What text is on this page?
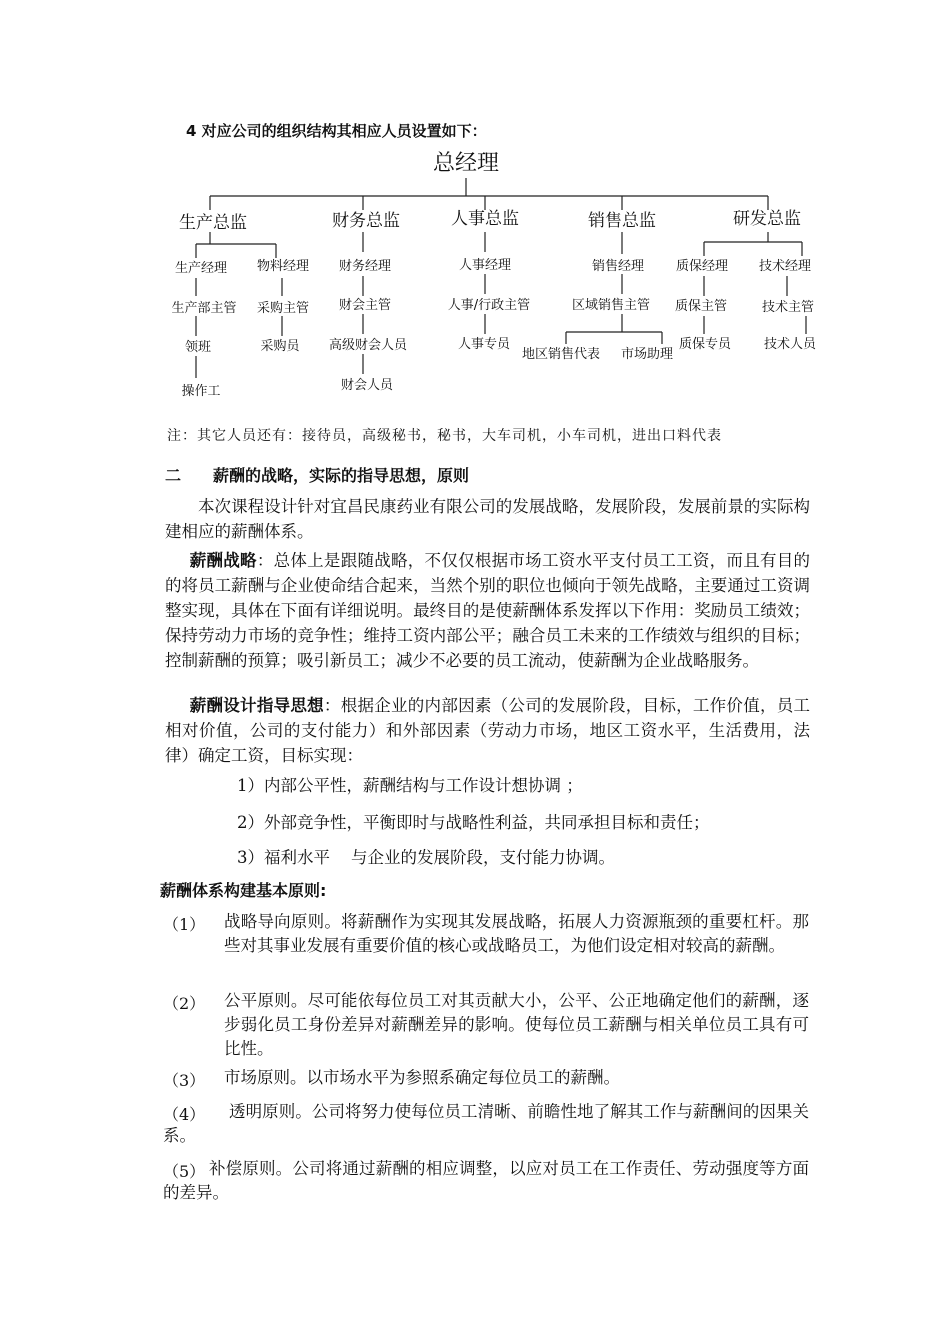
4 对应公司的组织结构其相应人员设置如下：
总经理
生产总监	财务总监	人事总监	销售总监	研发总监
生产经理
生产部主管
领班
操作工
物料经理
采购主管
采购员
财务经理
财会主管
高级财会人员
财会人员
人事经理
人事/行政主管
人事专员
销售经理
区域销售主管
地区销售代表 市场助理
质保经理
质保主管
质保专员
技术经理
技术主管
技术人员
注：其它人员还有：接待员，高级秘书，秘书，大车司机，小车司机，进出口料代表
二 薪酬的战略，实际的指导思想，原则
本次课程设计针对宜昌民康药业有限公司的发展战略，发展阶段，发展前景的实际构建相应的薪酬体系。
薪酬战略：总体上是跟随战略，不仅仅根据市场工资水平支付员工工资，而且有目的的将员工薪酬与企业使命结合起来，当然个别的职位也倾向于领先战略，主要通过工资调整实现，具体在下面有详细说明。最终目的是使薪酬体系发挥以下作用：奖励员工绩效；保持劳动力市场的竞争性；维持工资内部公平；融合员工未来的工作绩效与组织的目标；控制薪酬的预算；吸引新员工；减少不必要的员工流动，使薪酬为企业战略服务。
薪酬设计指导思想：根据企业的内部因素（公司的发展阶段，目标，工作价值，员工相对价值，公司的支付能力）和外部因素（劳动力市场，地区工资水平，生活费用，法律）确定工资，目标实现：
1）内部公平性，薪酬结构与工作设计想协调 ；
2）外部竞争性，平衡即时与战略性利益，共同承担目标和责任；
3）福利水平    与企业的发展阶段，支付能力协调。
薪酬体系构建基本原则:
（1） 战略导向原则。将薪酬作为实现其发展战略，拓展人力资源瓶颈的重要杠杆。那些对其事业发展有重要价值的核心或战略员工，为他们设定相对较高的薪酬。
（2） 公平原则。尽可能依每位员工对其贡献大小，公平、公正地确定他们的薪酬，逐步弱化员工身份差异对薪酬差异的影响。使每位员工薪酬与相关单位员工具有可比性。
（3） 市场原则。以市场水平为参照系确定每位员工的薪酬。
（4）	透明原则。公司将努力使每位员工清晰、前瞻性地了解其工作与薪酬间的因果关系。
（5） 补偿原则。公司将通过薪酬的相应调整，以应对员工在工作责任、劳动强度等方面的差异。
